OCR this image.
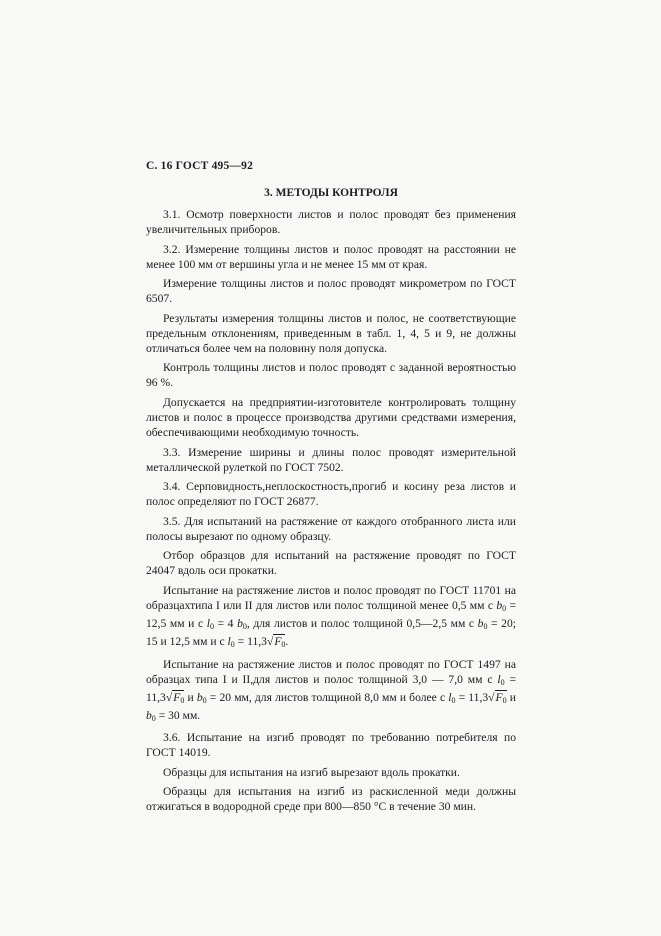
С. 16 ГОСТ 495—92
3. МЕТОДЫ КОНТРОЛЯ

3.1. Осмотр поверхности листов и полос проводят без применения увеличительных приборов.

3.2. Измерение толщины листов и полос проводят на расстоянии не менее 100 мм от вершины угла и не менее 15 мм от края.

Измерение толщины листов и полос проводят микрометром по ГОСТ 6507.

Результаты измерения толщины листов и полос, не соответствующие предельным отклонениям, приведенным в табл. 1, 4, 5 и 9, не должны отличаться более чем на половину поля допуска.

Контроль толщины листов и полос проводят с заданной вероятностью 96 %.

Допускается на предприятии-изготовителе контролировать толщину листов и полос в процессе производства другими средствами измерения, обеспечивающими необходимую точность.

3.3. Измерение ширины и длины полос проводят измерительной металлической рулеткой по ГОСТ 7502.

3.4. Серповидность,неплоскостность,прогиб и косину реза листов и полос определяют по ГОСТ 26877.

3.5. Для испытаний на растяжение от каждого отобранного листа или полосы вырезают по одному образцу.

Отбор образцов для испытаний на растяжение проводят по ГОСТ 24047 вдоль оси прокатки.

Испытание на растяжение листов и полос проводят по ГОСТ 11701 на образцахтипа I или II для листов или полос толщиной менее 0,5 мм с $b_0 = 12,5$ мм и с $l_0 = 4$ $b_0$, для листов и полос толщиной 0,5—2,5 мм с $b_0 = 20$; 15 и 12,5 мм и с $l_0 = 11,3√F_0$.

Испытание на растяжение листов и полос проводят по ГОСТ 1497 на образцах типа I и II,для листов и полос толщиной 3,0 — 7,0 мм с $l_0 = 11,3√F_0$ и $b_0 = 20$ мм, для листов толщиной 8,0 мм и более с $l_0 = 11,3√F_0$ и $b_0 = 30$ мм.

3.6. Испытание на изгиб проводят по требованию потребителя по ГОСТ 14019.

Образцы для испытания на изгиб вырезают вдоль прокатки.

Образцы для испытания на изгиб из раскисленной меди должны отжигаться в водородной среде при 800—850 °С в течение 30 мин.
